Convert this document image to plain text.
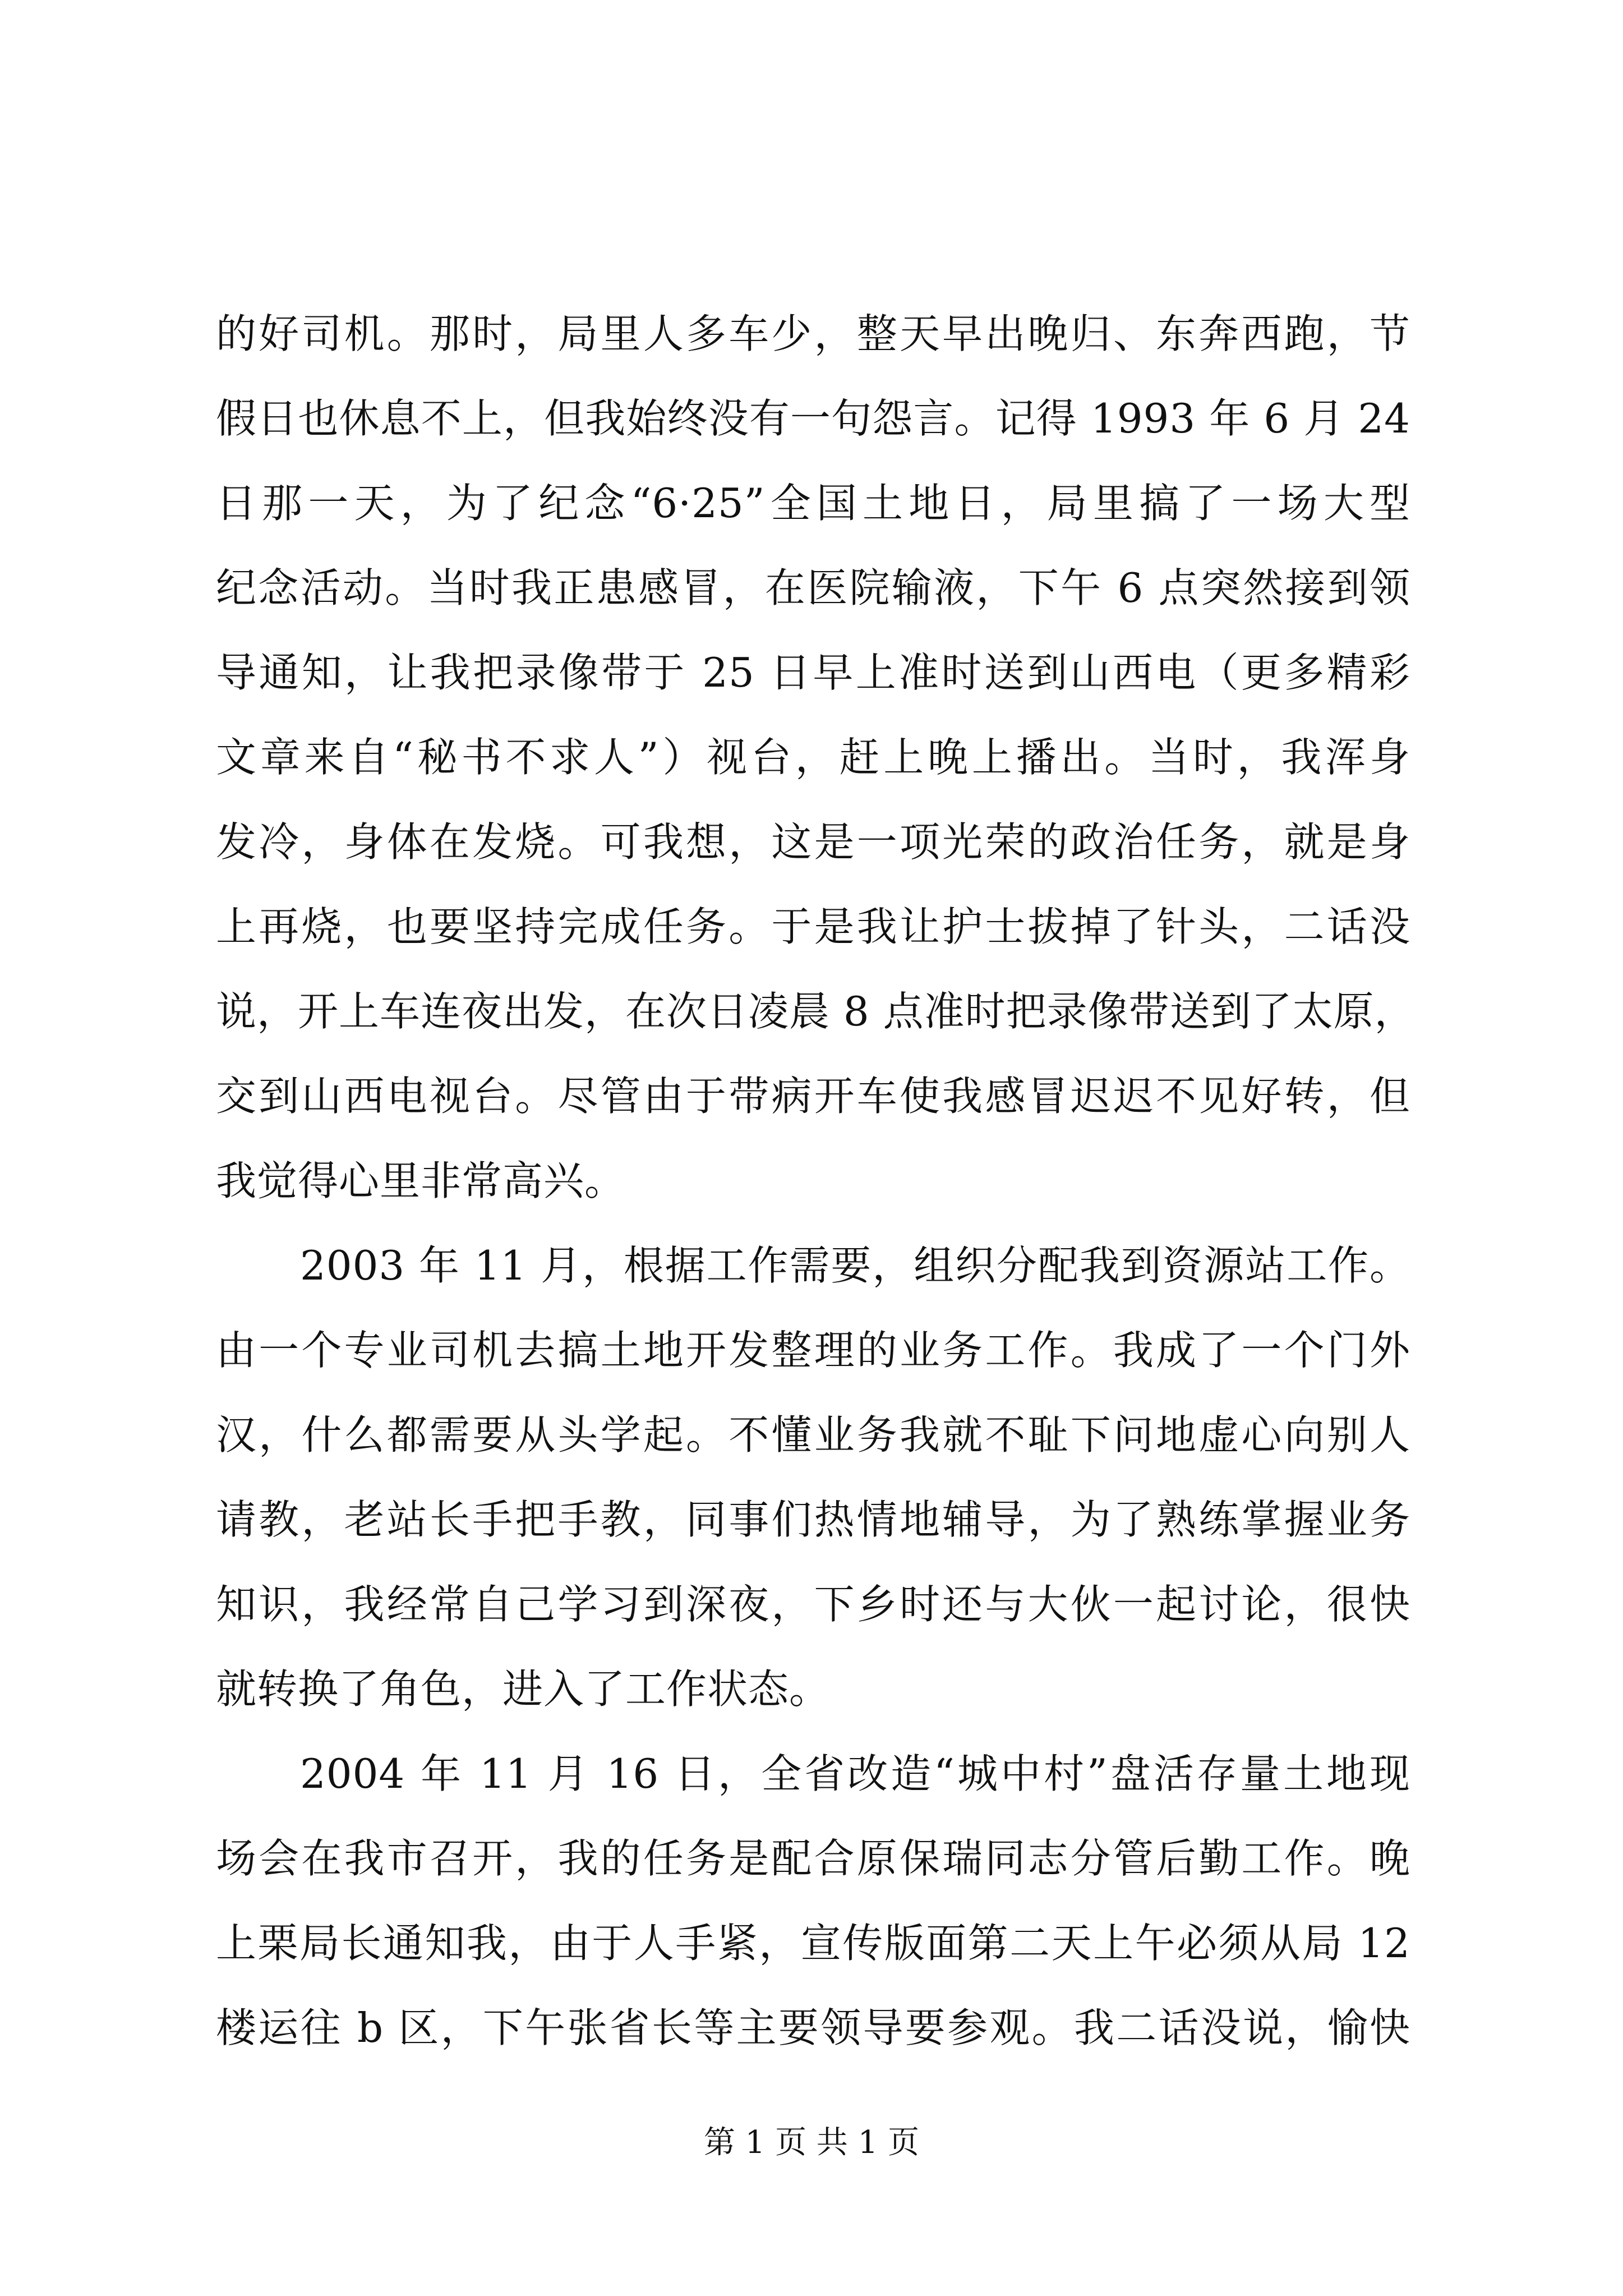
的好司机。那时，局里人多车少，整天早出晚归、东奔西跑，节
假日也休息不上，但我始终没有一句怨言。记得 1993 年 6 月 24
日那一天，为了纪念“6·25”全国土地日，局里搞了一场大型
纪念活动。当时我正患感冒，在医院输液，下午 6 点突然接到领
导通知，让我把录像带于 25 日早上准时送到山西电（更多精彩
文章来自“秘书不求人”）视台，赶上晚上播出。当时，我浑身
发冷，身体在发烧。可我想，这是一项光荣的政治任务，就是身
上再烧，也要坚持完成任务。于是我让护士拔掉了针头，二话没
说，开上车连夜出发，在次日凌晨 8 点准时把录像带送到了太原，
交到山西电视台。尽管由于带病开车使我感冒迟迟不见好转，但
我觉得心里非常高兴。
2003 年 11 月，根据工作需要，组织分配我到资源站工作。
由一个专业司机去搞土地开发整理的业务工作。我成了一个门外
汉，什么都需要从头学起。不懂业务我就不耻下问地虚心向别人
请教，老站长手把手教，同事们热情地辅导，为了熟练掌握业务
知识，我经常自己学习到深夜，下乡时还与大伙一起讨论，很快
就转换了角色，进入了工作状态。
2004 年 11 月 16 日，全省改造“城中村”盘活存量土地现
场会在我市召开，我的任务是配合原保瑞同志分管后勤工作。晚
上栗局长通知我，由于人手紧，宣传版面第二天上午必须从局 12
楼运往 b 区，下午张省长等主要领导要参观。我二话没说，愉快
第 1 页 共 1 页
